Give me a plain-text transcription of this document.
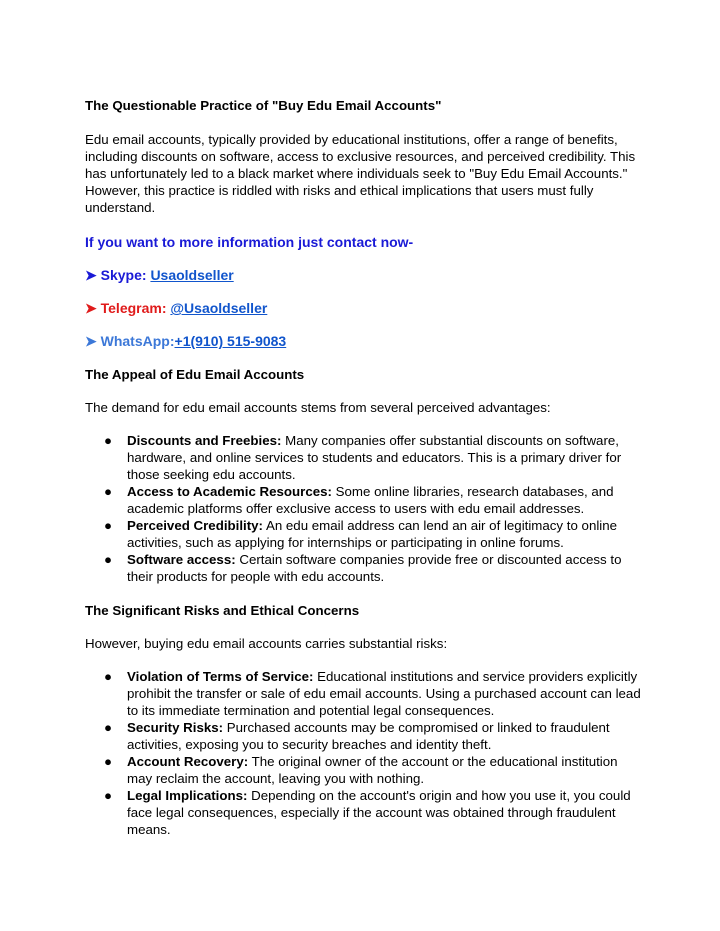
The Questionable Practice of "Buy Edu Email Accounts"

Edu email accounts, typically provided by educational institutions, offer a range of benefits, including discounts on software, access to exclusive resources, and perceived credibility. This has unfortunately led to a black market where individuals seek to "Buy Edu Email Accounts." However, this practice is riddled with risks and ethical implications that users must fully understand.

If you want to more information just contact now-

➤ Skype: Usaoldseller

➤ Telegram: @Usaoldseller

➤ WhatsApp:+1(910) 515-9083

The Appeal of Edu Email Accounts

The demand for edu email accounts stems from several perceived advantages:

● Discounts and Freebies: Many companies offer substantial discounts on software, hardware, and online services to students and educators. This is a primary driver for those seeking edu accounts.
● Access to Academic Resources: Some online libraries, research databases, and academic platforms offer exclusive access to users with edu email addresses.
● Perceived Credibility: An edu email address can lend an air of legitimacy to online activities, such as applying for internships or participating in online forums.
● Software access: Certain software companies provide free or discounted access to their products for people with edu accounts.

The Significant Risks and Ethical Concerns

However, buying edu email accounts carries substantial risks:

● Violation of Terms of Service: Educational institutions and service providers explicitly prohibit the transfer or sale of edu email accounts. Using a purchased account can lead to its immediate termination and potential legal consequences.
● Security Risks: Purchased accounts may be compromised or linked to fraudulent activities, exposing you to security breaches and identity theft.
● Account Recovery: The original owner of the account or the educational institution may reclaim the account, leaving you with nothing.
● Legal Implications: Depending on the account's origin and how you use it, you could face legal consequences, especially if the account was obtained through fraudulent means.
